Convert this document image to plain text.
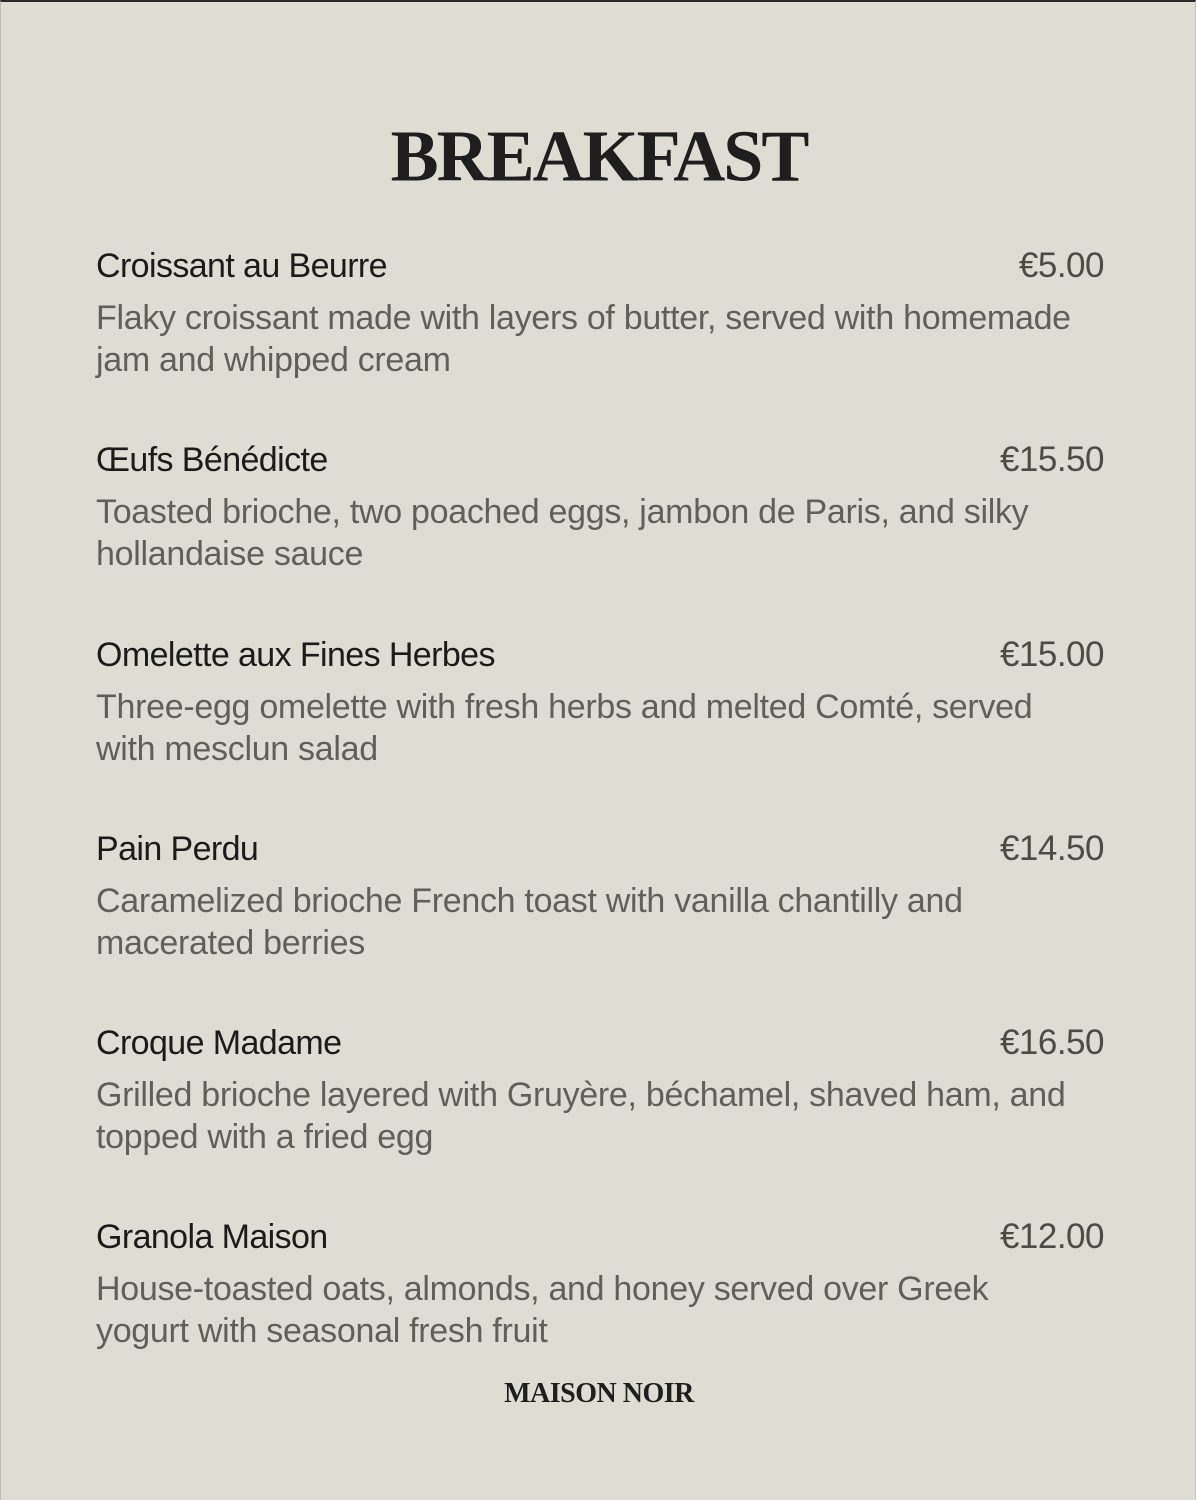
BREAKFAST
Croissant au Beurre	€5.00
Flaky croissant made with layers of butter, served with homemade jam and whipped cream
Œufs Bénédicte	€15.50
Toasted brioche, two poached eggs, jambon de Paris, and silky hollandaise sauce
Omelette aux Fines Herbes	€15.00
Three-egg omelette with fresh herbs and melted Comté, served with mesclun salad
Pain Perdu	€14.50
Caramelized brioche French toast with vanilla chantilly and macerated berries
Croque Madame	€16.50
Grilled brioche layered with Gruyère, béchamel, shaved ham, and topped with a fried egg
Granola Maison	€12.00
House-toasted oats, almonds, and honey served over Greek yogurt with seasonal fresh fruit
MAISON NOIR
